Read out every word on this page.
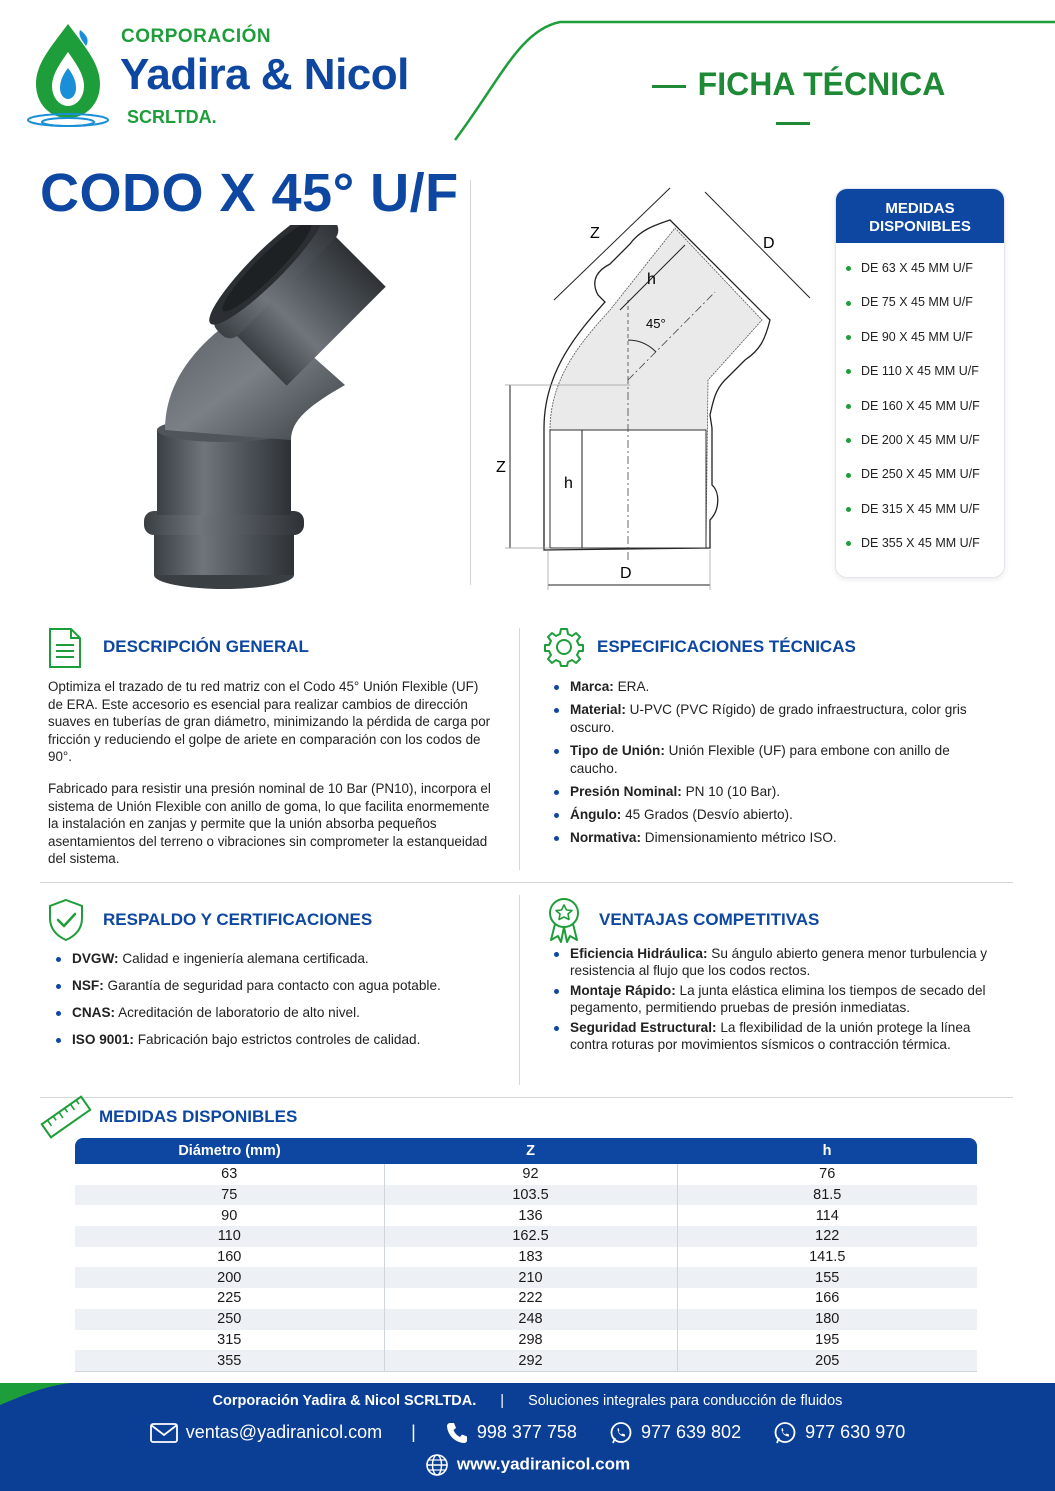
CORPORACIÓN
Yadira & Nicol
SCRLTDA.
FICHA TÉCNICA
CODO X 45° U/F
45°
Z
h
D
Z
D
h
MEDIDAS
DISPONIBLES
DE 63 X 45 MM U/F
DE 75 X 45 MM U/F
DE 90 X 45 MM U/F
DE 110 X 45 MM U/F
DE 160 X 45 MM U/F
DE 200 X 45 MM U/F
DE 250 X 45 MM U/F
DE 315 X 45 MM U/F
DE 355 X 45 MM U/F
DESCRIPCIÓN GENERAL
Optimiza el trazado de tu red matriz con el Codo 45° Unión Flexible (UF) de ERA. Este accesorio es esencial para realizar cambios de dirección suaves en tuberías de gran diámetro, minimizando la pérdida de carga por fricción y reduciendo el golpe de ariete en comparación con los codos de 90°.
Fabricado para resistir una presión nominal de 10 Bar (PN10), incorpora el sistema de Unión Flexible con anillo de goma, lo que facilita enormemente la instalación en zanjas y permite que la unión absorba pequeños asentamientos del terreno o vibraciones sin comprometer la estanqueidad del sistema.
ESPECIFICACIONES TÉCNICAS
Marca: ERA.
Material: U-PVC (PVC Rígido) de grado infraestructura, color gris oscuro.
Tipo de Unión: Unión Flexible (UF) para embone con anillo de caucho.
Presión Nominal: PN 10 (10 Bar).
Ángulo: 45 Grados (Desvío abierto).
Normativa: Dimensionamiento métrico ISO.
RESPALDO Y CERTIFICACIONES
DVGW: Calidad e ingeniería alemana certificada.
NSF: Garantía de seguridad para contacto con agua potable.
CNAS: Acreditación de laboratorio de alto nivel.
ISO 9001: Fabricación bajo estrictos controles de calidad.
VENTAJAS COMPETITIVAS
Eficiencia Hidráulica: Su ángulo abierto genera menor turbulencia y resistencia al flujo que los codos rectos.
Montaje Rápido: La junta elástica elimina los tiempos de secado del pegamento, permitiendo pruebas de presión inmediatas.
Seguridad Estructural: La flexibilidad de la unión protege la línea contra roturas por movimientos sísmicos o contracción térmica.
MEDIDAS DISPONIBLES
Diámetro (mm)	Z	h
63	92	76
75	103.5	81.5
90	136	114
110	162.5	122
160	183	141.5
200	210	155
225	222	166
250	248	180
315	298	195
355	292	205
Corporación Yadira & Nicol SCRLTDA. | Soluciones integrales para conducción de fluidos
ventas@yadiranicol.com |	998 377 758	977 639 802	977 630 970
www.yadiranicol.com
